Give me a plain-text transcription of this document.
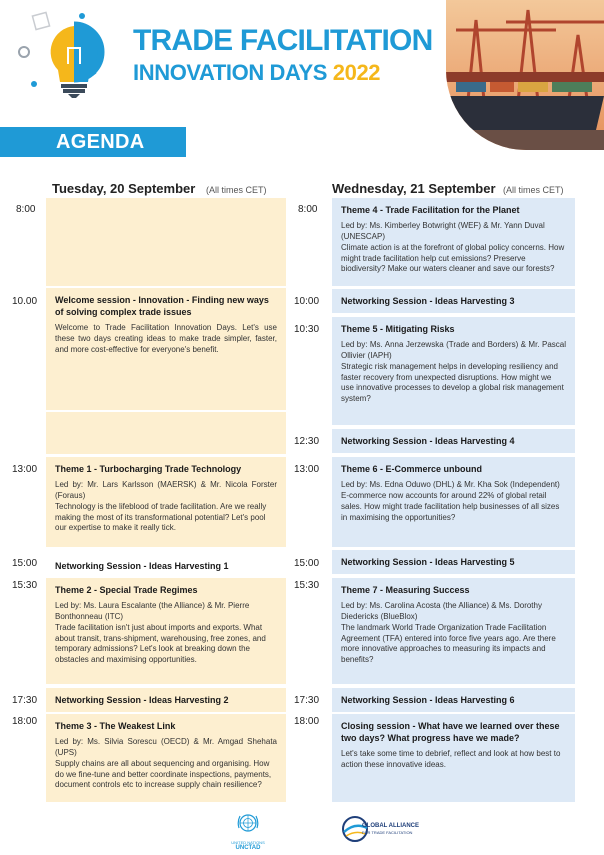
TRADE FACILITATION
INNOVATION DAYS 2022
AGENDA
Tuesday, 20 September (All times CET)	Wednesday, 21 September (All times CET)
8:00
10.00
13:00
15:00
15:30
17:30
18:00
8:00
10:00
10:30
12:30
13:00
15:00
15:30
17:30
18:00
Welcome session - Innovation - Finding new ways of solving complex trade issues

Welcome to Trade Facilitation Innovation Days. Let's use these two days creating ideas to make trade simpler, faster, and more cost-effective for everyone's benefit.

Theme 1 - Turbocharging Trade Technology

Led by: Mr. Lars Karlsson (MAERSK) & Mr. Nicola Forster (Foraus)

Technology is the lifeblood of trade facilitation. Are we really making the most of its transformational potential? Let's pool our expertise to make it really tick.

Networking Session - Ideas Harvesting 1
Theme 2 - Special Trade Regimes

Led by: Ms. Laura Escalante (the Alliance) & Mr. Pierre Bonthonneau (ITC)

Trade facilitation isn't just about imports and exports. What about transit, trans-shipment, warehousing, free zones, and temporary admissions? Let's look at breaking down the obstacles and maximising opportunities.

Networking Session - Ideas Harvesting 2
Theme 3 - The Weakest Link

Led by: Ms. Silvia Sorescu (OECD) & Mr. Amgad Shehata (UPS)

Supply chains are all about sequencing and organising. How do we fine-tune and better coordinate inspections, payments, document controls etc to increase supply chain resilience?

Theme 4 - Trade Facilitation for the Planet

Led by: Ms. Kimberley Botwright (WEF) & Mr. Yann Duval (UNESCAP)

Climate action is at the forefront of global policy concerns. How might trade facilitation help cut emissions? Preserve biodiversity? Make our waters cleaner and save our forests?

Networking Session - Ideas Harvesting 3
Theme 5 - Mitigating Risks

Led by: Ms. Anna Jerzewska (Trade and Borders) & Mr. Pascal Ollivier (IAPH)

Strategic risk management helps in developing resiliency and faster recovery from unexpected disruptions. How might we use innovative processes to develop a global risk management system?

Networking Session - Ideas Harvesting 4
Theme 6 - E-Commerce unbound

Led by: Ms. Edna Oduwo (DHL) & Mr. Kha Sok (Independent)

E-commerce now accounts for around 22% of global retail sales. How might trade facilitation help businesses of all sizes in maximising the opportunities?

Networking Session - Ideas Harvesting 5
Theme 7 - Measuring Success

Led by: Ms. Carolina Acosta (the Alliance) & Ms. Dorothy Diedericks (BlueBlox)

The landmark World Trade Organization Trade Facilitation Agreement (TFA) entered into force five years ago. Are there more innovative approaches to measuring its impacts and benefits?

Networking Session - Ideas Harvesting 6
Closing session - What have we learned over these two days? What progress have we made?

Let's take some time to debrief, reflect and look at how best to action these innovative ideas.

UNITED NATIONS
UNCTAD
GLOBAL ALLIANCE
FOR TRADE FACILITATION
